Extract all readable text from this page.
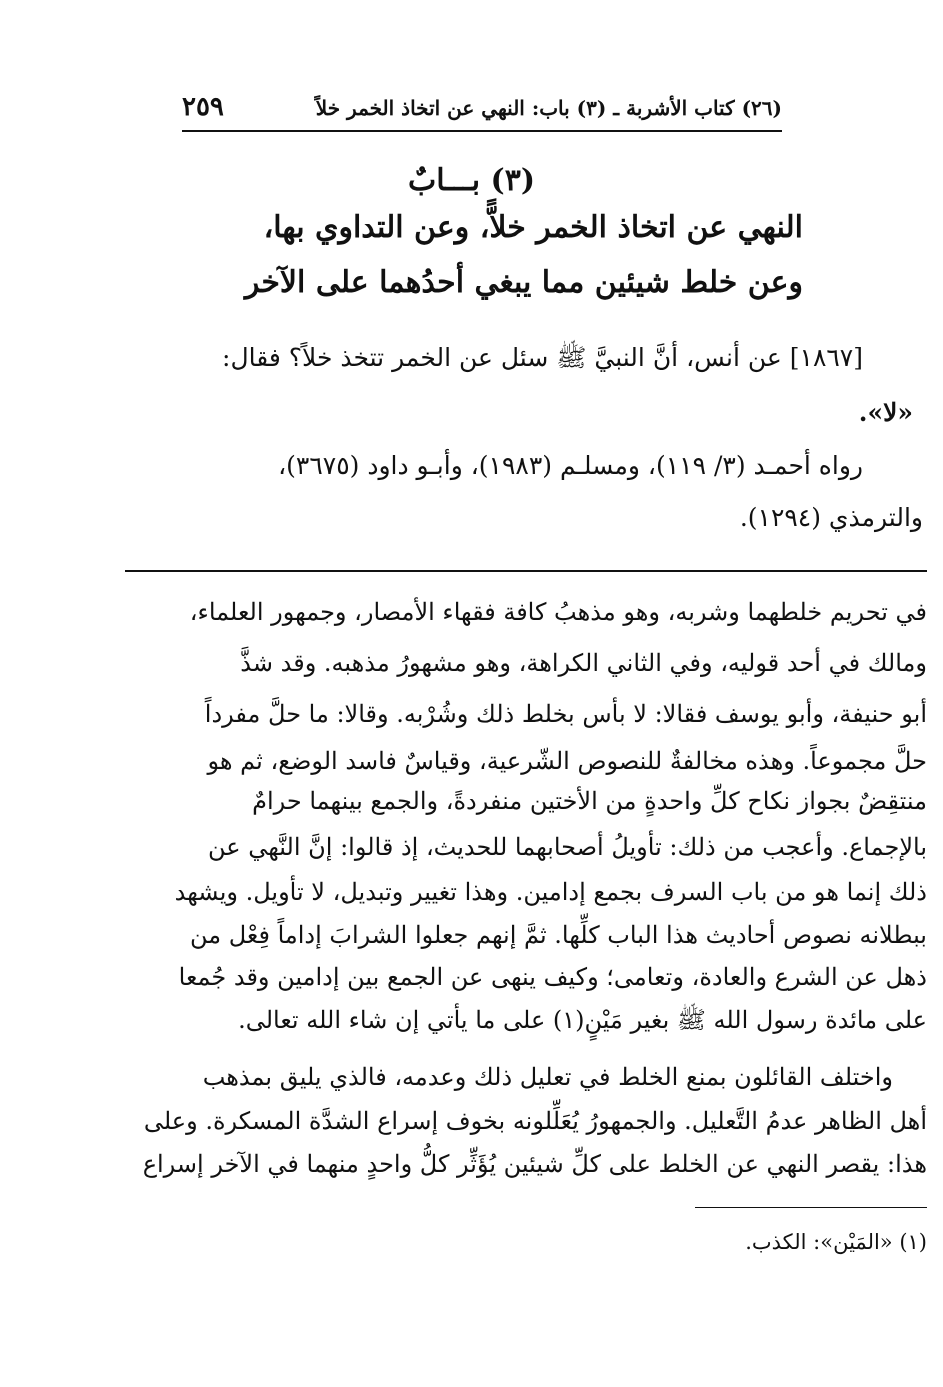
(٢٦) كتاب الأشربة ـ (٣) باب: النهي عن اتخاذ الخمر خلاً
٢٥٩
(٣) بـــابٌ
النهي عن اتخاذ الخمر خلاًّ، وعن التداوي بها،
وعن خلط شيئين مما يبغي أحدُهما على الآخر
[١٨٦٧] عن أنس، أنَّ النبيَّ ﷺ سئل عن الخمر تتخذ خلاً؟ فقال:
«لا».
رواه أحمـد (٣/ ١١٩)، ومسلـم (١٩٨٣)، وأبـو داود (٣٦٧٥)،
والترمذي (١٢٩٤).
في تحريم خلطهما وشربه، وهو مذهبُ كافة فقهاء الأمصار، وجمهور العلماء،
ومالك في أحد قوليه، وفي الثاني الكراهة، وهو مشهورُ مذهبه. وقد شذَّ
أبو حنيفة، وأبو يوسف فقالا: لا بأس بخلط ذلك وشُرْبه. وقالا: ما حلَّ مفرداً
حلَّ مجموعاً. وهذه مخالفةٌ للنصوص الشّرعية، وقياسٌ فاسد الوضع، ثم هو
منتقِضٌ بجواز نكاح كلِّ واحدةٍ من الأختين منفردةً، والجمع بينهما حرامٌ
بالإجماع. وأعجب من ذلك: تأويلُ أصحابهما للحديث، إذ قالوا: إنَّ النَّهي عن
ذلك إنما هو من باب السرف بجمع إدامين. وهذا تغيير وتبديل، لا تأويل. ويشهد
ببطلانه نصوص أحاديث هذا الباب كلِّها. ثمَّ إنهم جعلوا الشرابَ إداماً فِعْل من
ذهل عن الشرع والعادة، وتعامى؛ وكيف ينهى عن الجمع بين إدامين وقد جُمعا
على مائدة رسول الله ﷺ بغير مَيْنٍ(١) على ما يأتي إن شاء الله تعالى.
واختلف القائلون بمنع الخلط في تعليل ذلك وعدمه، فالذي يليق بمذهب
أهل الظاهر عدمُ التَّعليل. والجمهورُ يُعَلِّلونه بخوف إسراع الشدَّة المسكرة. وعلى
هذا: يقصر النهي عن الخلط على كلِّ شيئين يُؤَثِّر كلُّ واحدٍ منهما في الآخر إسراع
(١) «المَيْن»: الكذب.
